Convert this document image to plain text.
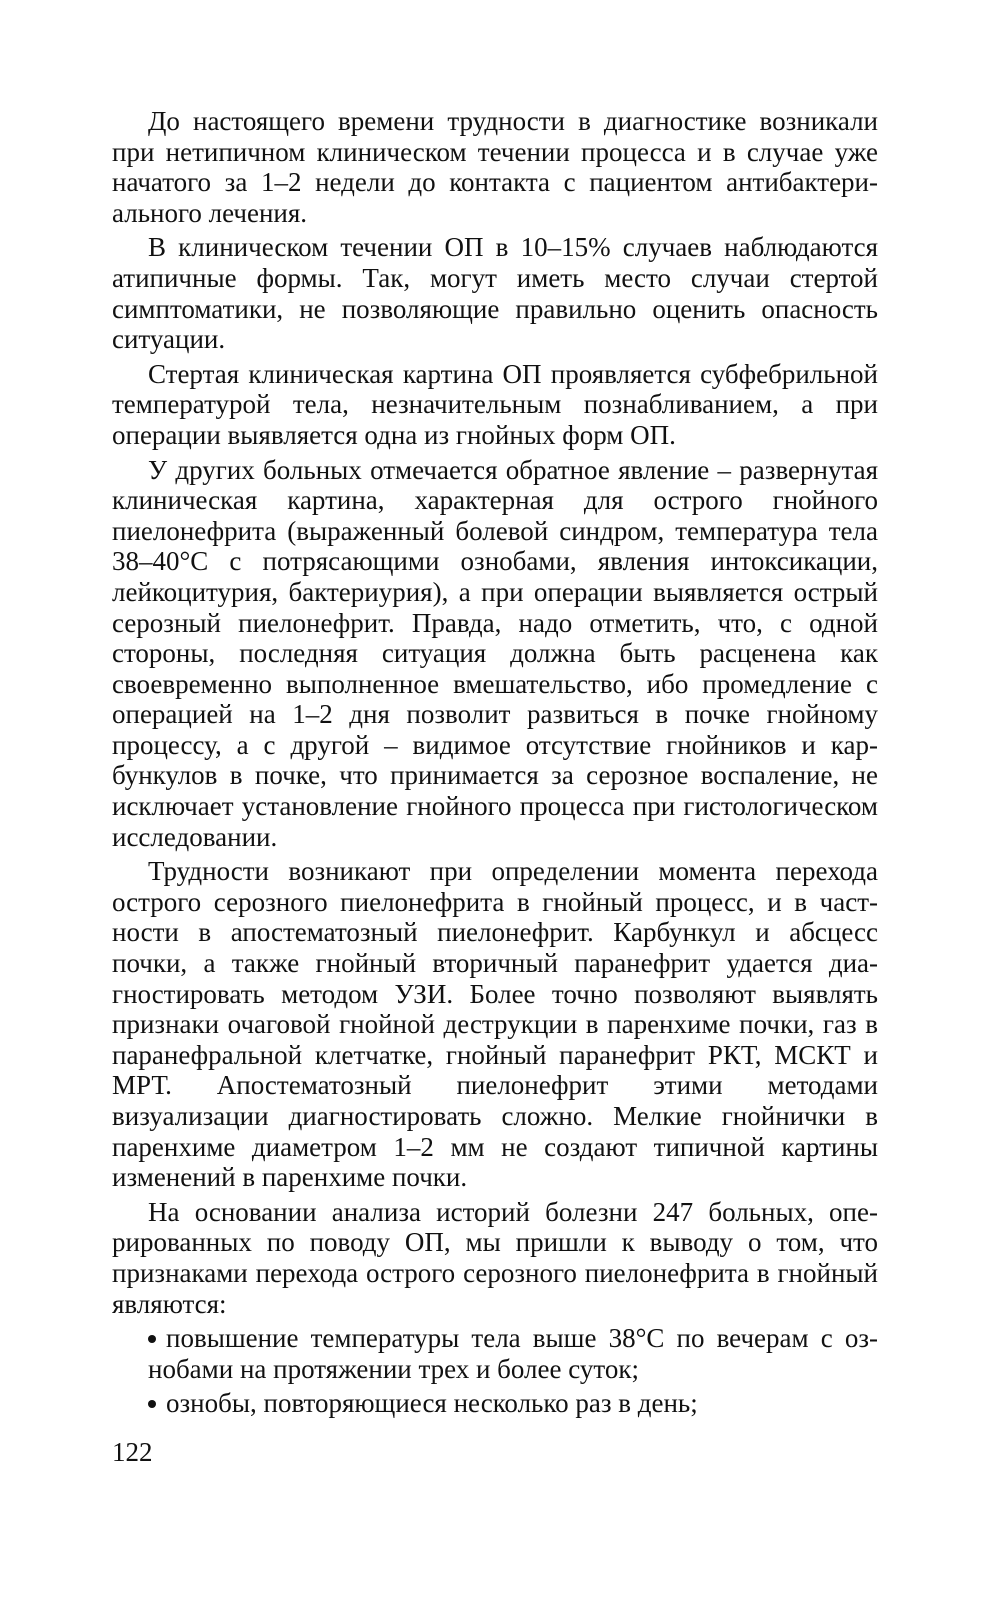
До настоящего времени трудности в диагностике возникали при нетипичном клиническом течении процесса и в случае уже начатого за 1–2 недели до контакта с пациентом антибактериального лечения.

В клиническом течении ОП в 10–15% случаев наблюдаются атипичные формы. Так, могут иметь место случаи стертой симптоматики, не позволяющие правильно оценить опасность ситуации.

Стертая клиническая картина ОП проявляется субфебрильной температурой тела, незначительным познабливанием, а при операции выявляется одна из гнойных форм ОП.

У других больных отмечается обратное явление – развернутая клиническая картина, характерная для острого гнойного пиелонефрита (выраженный болевой синдром, температура тела 38–40°С с потрясающими ознобами, явления интоксикации, лейкоцитурия, бактериурия), а при операции выявляется острый серозный пиелонефрит. Правда, надо отметить, что, с одной стороны, последняя ситуация должна быть расценена как своевременно выполненное вмешательство, ибо промедление с операцией на 1–2 дня позволит развиться в почке гнойному процессу, а с другой – видимое отсутствие гнойников и карбункулов в почке, что принимается за серозное воспаление, не исключает установление гнойного процесса при гистологическом исследовании.

Трудности возникают при определении момента перехода острого серозного пиелонефрита в гнойный процесс, и в частности в апостематозный пиелонефрит. Карбункул и абсцесс почки, а также гнойный вторичный паранефрит удается диагностировать методом УЗИ. Более точно позволяют выявлять признаки очаговой гнойной деструкции в паренхиме почки, газ в паранефральной клетчатке, гнойный паранефрит РКТ, МСКТ и МРТ. Апостематозный пиелонефрит этими методами визуализации диагностировать сложно. Мелкие гнойнички в паренхиме диаметром 1–2 мм не создают типичной картины изменений в паренхиме почки.

На основании анализа историй болезни 247 больных, оперированных по поводу ОП, мы пришли к выводу о том, что признаками перехода острого серозного пиелонефрита в гнойный являются:

повышение температуры тела выше 38°С по вечерам с ознобами на протяжении трех и более суток;

ознобы, повторяющиеся несколько раз в день;

122
